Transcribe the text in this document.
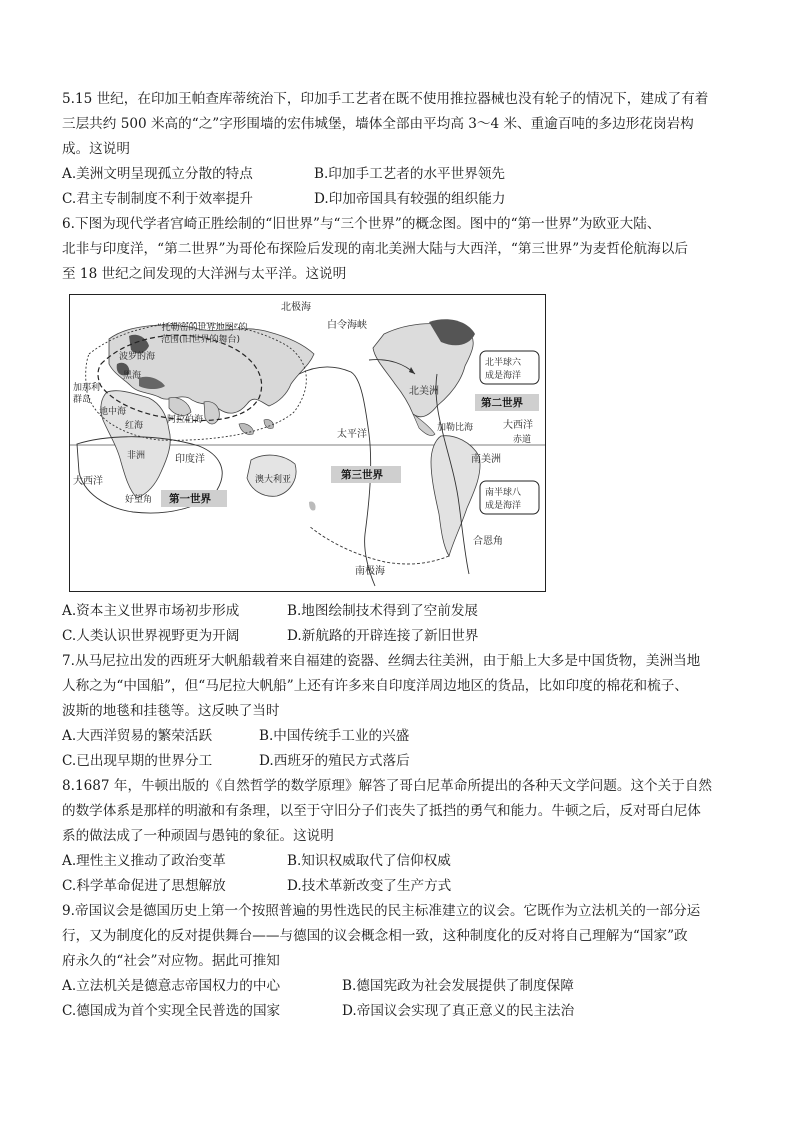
5.15 世纪，在印加王帕查库蒂统治下，印加手工艺者在既不使用推拉器械也没有轮子的情况下，建成了有着

三层共约 500 米高的“之”字形围墙的宏伟城堡，墙体全部由平均高 3～4 米、重逾百吨的多边形花岗岩构

成。这说明

A.美洲文明呈现孤立分散的特点	B.印加手工艺者的水平世界领先
C.君主专制制度不利于效率提升	D.印加帝国具有较强的组织能力

6.下图为现代学者宫崎正胜绘制的“旧世界”与“三个世界”的概念图。图中的“第一世界”为欧亚大陆、

北非与印度洋，“第二世界”为哥伦布探险后发现的南北美洲大陆与大西洋，“第三世界”为麦哲伦航海以后

至 18 世纪之间发现的大洋洲与太平洋。这说明

北极海
白令海峡
“托勒密的世界地图”的
范围(旧世界的舞台)
波罗的海
黑海
加那利
群岛
地中海
阿拉伯海
红海
北美洲
北半球六
成是海洋
第二世界
太平洋
加勒比海	大西洋
赤道
非洲	印度洋
澳大利亚
南美洲
第三世界
南半球八
成是海洋
大西洋
好望角 第一世界
合恩角
南极海
A.资本主义世界市场初步形成	B.地图绘制技术得到了空前发展
C.人类认识世界视野更为开阔	D.新航路的开辟连接了新旧世界

7.从马尼拉出发的西班牙大帆船载着来自福建的瓷器、丝绸去往美洲，由于船上大多是中国货物，美洲当地

人称之为“中国船”，但“马尼拉大帆船”上还有许多来自印度洋周边地区的货品，比如印度的棉花和梳子、

波斯的地毯和挂毯等。这反映了当时

A.大西洋贸易的繁荣活跃	B.中国传统手工业的兴盛
C.已出现早期的世界分工	D.西班牙的殖民方式落后

8.1687 年，牛顿出版的《自然哲学的数学原理》解答了哥白尼革命所提出的各种天文学问题。这个关于自然

的数学体系是那样的明澈和有条理，以至于守旧分子们丧失了抵挡的勇气和能力。牛顿之后，反对哥白尼体

系的做法成了一种顽固与愚钝的象征。这说明

A.理性主义推动了政治变革	B.知识权威取代了信仰权威
C.科学革命促进了思想解放	D.技术革新改变了生产方式

9.帝国议会是德国历史上第一个按照普遍的男性选民的民主标准建立的议会。它既作为立法机关的一部分运

行，又为制度化的反对提供舞台——与德国的议会概念相一致，这种制度化的反对将自己理解为“国家”政

府永久的“社会”对应物。据此可推知

A.立法机关是德意志帝国权力的中心	B.德国宪政为社会发展提供了制度保障
C.德国成为首个实现全民普选的国家	D.帝国议会实现了真正意义的民主法治
